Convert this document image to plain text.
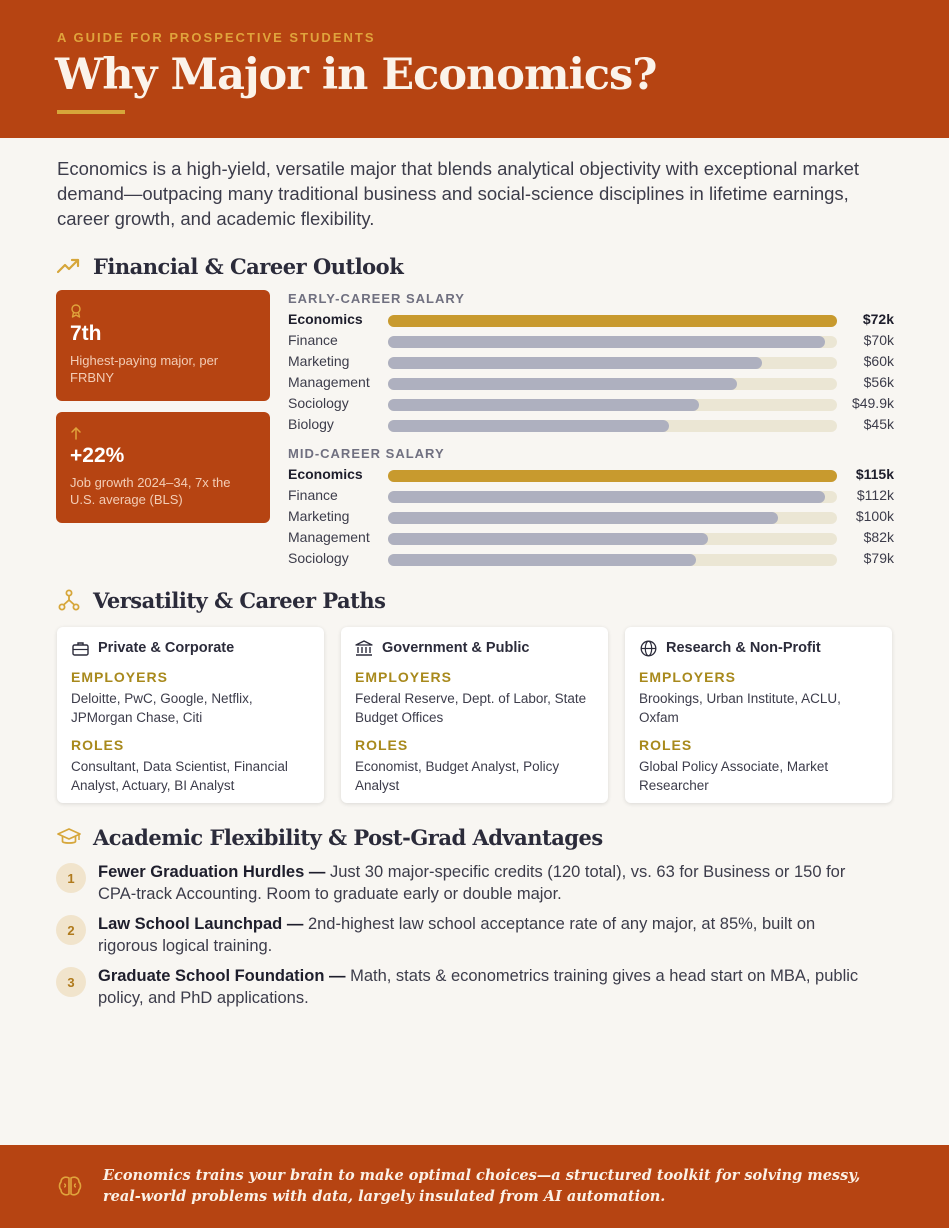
A GUIDE FOR PROSPECTIVE STUDENTS
Why Major in Economics?
Economics is a high-yield, versatile major that blends analytical objectivity with exceptional market demand—outpacing many traditional business and social-science disciplines in lifetime earnings, career growth, and academic flexibility.
Financial & Career Outlook
7th
Highest-paying major, per FRBNY
+22%
Job growth 2024–34, 7x the U.S. average (BLS)
EARLY-CAREER SALARY
Economics	$72k
Finance	$70k
Marketing	$60k
Management	$56k
Sociology	$49.9k
Biology	$45k
MID-CAREER SALARY
Economics	$115k
Finance	$112k
Marketing	$100k
Management	$82k
Sociology	$79k
Versatility & Career Paths
Private & Corporate
EMPLOYERS
Deloitte, PwC, Google, Netflix, JPMorgan Chase, Citi
ROLES
Consultant, Data Scientist, Financial Analyst, Actuary, BI Analyst
Government & Public
EMPLOYERS
Federal Reserve, Dept. of Labor, State Budget Offices
ROLES
Economist, Budget Analyst, Policy Analyst
Research & Non-Profit
EMPLOYERS
Brookings, Urban Institute, ACLU, Oxfam
ROLES
Global Policy Associate, Market Researcher
Academic Flexibility & Post-Grad Advantages
1	Fewer Graduation Hurdles — Just 30 major-specific credits (120 total), vs. 63 for Business or 150 for CPA-track Accounting. Room to graduate early or double major.
2	Law School Launchpad — 2nd-highest law school acceptance rate of any major, at 85%, built on rigorous logical training.
3	Graduate School Foundation — Math, stats & econometrics training gives a head start on MBA, public policy, and PhD applications.
Economics trains your brain to make optimal choices—a structured toolkit for solving messy, real-world problems with data, largely insulated from AI automation.
